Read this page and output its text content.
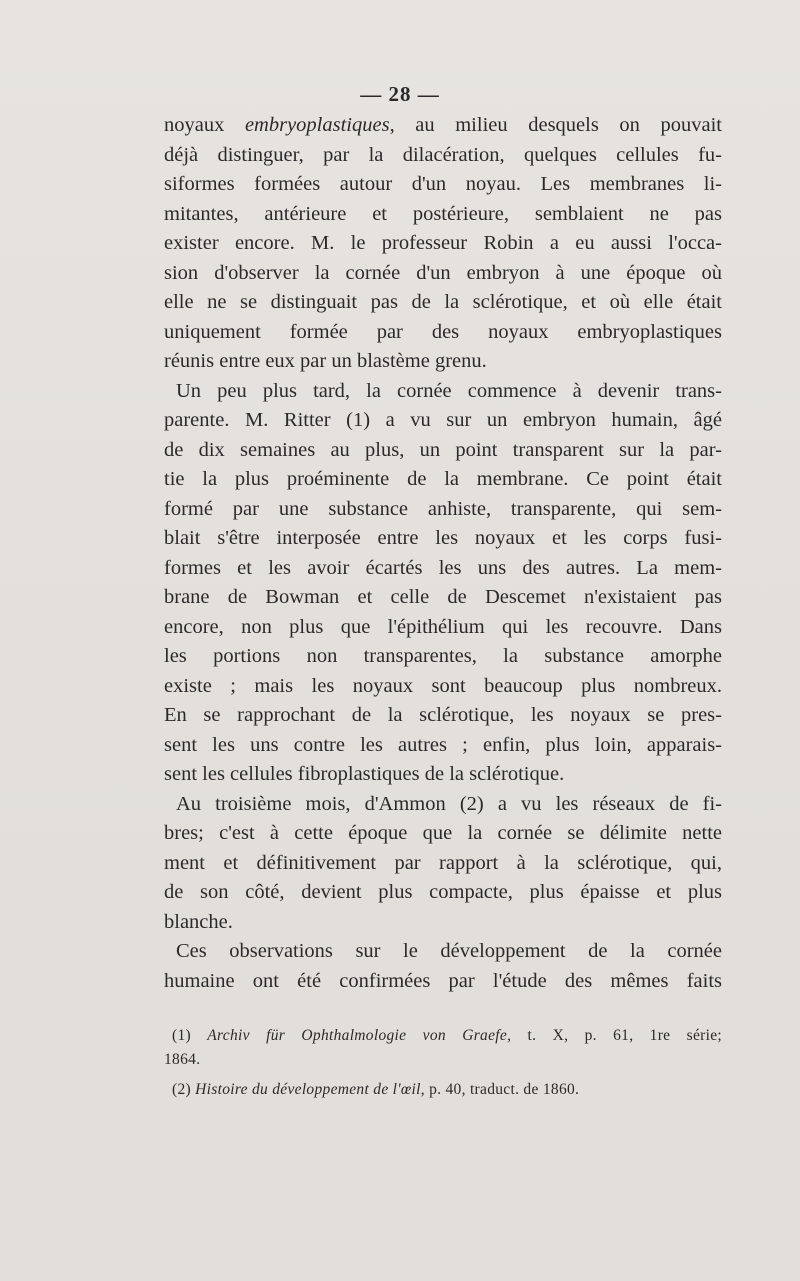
— 28 —
noyaux embryoplastiques, au milieu desquels on pouvait
déjà distinguer, par la dilacération, quelques cellules fu-
siformes formées autour d'un noyau. Les membranes li-
mitantes, antérieure et postérieure, semblaient ne pas
exister encore. M. le professeur Robin a eu aussi l'occa-
sion d'observer la cornée d'un embryon à une époque où
elle ne se distinguait pas de la sclérotique, et où elle était
uniquement formée par des noyaux embryoplastiques
réunis entre eux par un blastème grenu.
Un peu plus tard, la cornée commence à devenir trans-
parente. M. Ritter (1) a vu sur un embryon humain, âgé
de dix semaines au plus, un point transparent sur la par-
tie la plus proéminente de la membrane. Ce point était
formé par une substance anhiste, transparente, qui sem-
blait s'être interposée entre les noyaux et les corps fusi-
formes et les avoir écartés les uns des autres. La mem-
brane de Bowman et celle de Descemet n'existaient pas
encore, non plus que l'épithélium qui les recouvre. Dans
les portions non transparentes, la substance amorphe
existe ; mais les noyaux sont beaucoup plus nombreux.
En se rapprochant de la sclérotique, les noyaux se pres-
sent les uns contre les autres ; enfin, plus loin, apparais-
sent les cellules fibroplastiques de la sclérotique.
Au troisième mois, d'Ammon (2) a vu les réseaux de fi-
bres; c'est à cette époque que la cornée se délimite nette
ment et définitivement par rapport à la sclérotique, qui,
de son côté, devient plus compacte, plus épaisse et plus
blanche.
Ces observations sur le développement de la cornée
humaine ont été confirmées par l'étude des mêmes faits
(1) Archiv für Ophthalmologie von Graefe, t. X, p. 61, 1re série;
1864.
(2) Histoire du développement de l'œil, p. 40, traduct. de 1860.
